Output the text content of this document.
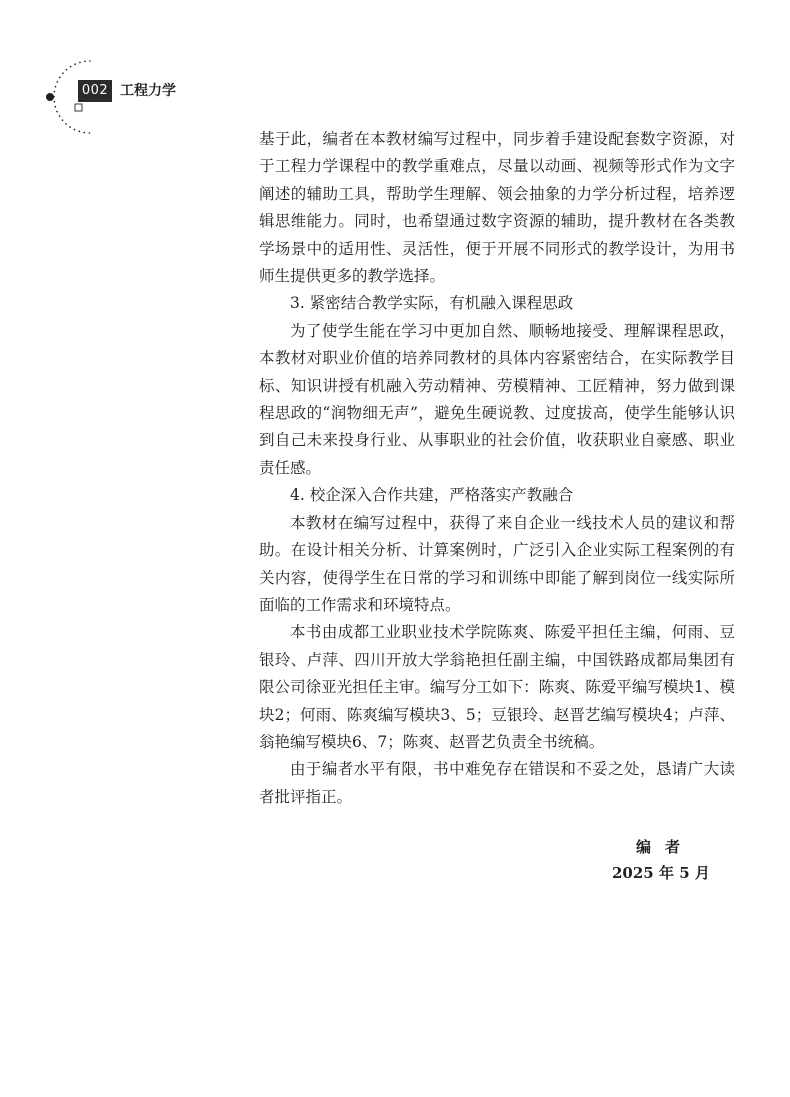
002 工程力学

基于此，编者在本教材编写过程中，同步着手建设配套数字资源，对于工程力学课程中的教学重难点，尽量以动画、视频等形式作为文字阐述的辅助工具，帮助学生理解、领会抽象的力学分析过程，培养逻辑思维能力。同时，也希望通过数字资源的辅助，提升教材在各类教学场景中的适用性、灵活性，便于开展不同形式的教学设计，为用书师生提供更多的教学选择。

3. 紧密结合教学实际，有机融入课程思政

为了使学生能在学习中更加自然、顺畅地接受、理解课程思政，本教材对职业价值的培养同教材的具体内容紧密结合，在实际教学目标、知识讲授有机融入劳动精神、劳模精神、工匠精神，努力做到课程思政的“润物细无声”，避免生硬说教、过度拔高，使学生能够认识到自己未来投身行业、从事职业的社会价值，收获职业自豪感、职业责任感。

4. 校企深入合作共建，严格落实产教融合

本教材在编写过程中，获得了来自企业一线技术人员的建议和帮助。在设计相关分析、计算案例时，广泛引入企业实际工程案例的有关内容，使得学生在日常的学习和训练中即能了解到岗位一线实际所面临的工作需求和环境特点。

本书由成都工业职业技术学院陈爽、陈爱平担任主编，何雨、豆银玲、卢萍、四川开放大学翁艳担任副主编，中国铁路成都局集团有限公司徐亚光担任主审。编写分工如下：陈爽、陈爱平编写模块1、模块2；何雨、陈爽编写模块3、5；豆银玲、赵晋艺编写模块4；卢萍、翁艳编写模块6、7；陈爽、赵晋艺负责全书统稿。

由于编者水平有限，书中难免存在错误和不妥之处，恳请广大读者批评指正。

编者
2025 年 5 月
